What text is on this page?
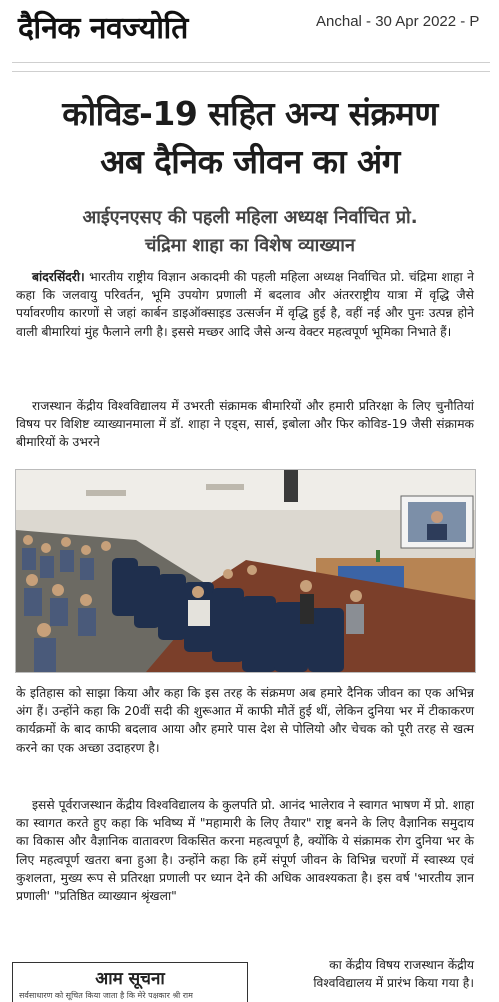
दैनिक नवज्योति	Anchal - 30 Apr 2022 - P
कोविड-19 सहित अन्य संक्रमण
अब दैनिक जीवन का अंग
आईएनएसए की पहली महिला अध्यक्ष निर्वाचित प्रो.
चंद्रिमा शाहा का विशेष व्याख्यान

बांदरसिंदरी। भारतीय राष्ट्रीय विज्ञान अकादमी की पहली महिला अध्यक्ष निर्वाचित प्रो. चंद्रिमा शाहा ने कहा कि जलवायु परिवर्तन, भूमि उपयोग प्रणाली में बदलाव और अंतरराष्ट्रीय यात्रा में वृद्धि जैसे पर्यावरणीय कारणों से जहां कार्बन डाइऑक्साइड उत्सर्जन में वृद्धि हुई है, वहीं नई और पुनः उत्पन्न होने वाली बीमारियां मुंह फैलाने लगी है। इससे मच्छर आदि जैसे अन्य वेक्टर महत्वपूर्ण भूमिका निभाते हैं।

राजस्थान केंद्रीय विश्वविद्यालय में उभरती संक्रामक बीमारियों और हमारी प्रतिरक्षा के लिए चुनौतियां विषय पर विशिष्ट व्याख्यानमाला में डॉ. शाहा ने एड्स, सार्स, इबोला और फिर कोविड-19 जैसी संक्रामक बीमारियों के उभरने

के इतिहास को साझा किया और कहा कि इस तरह के संक्रमण अब हमारे दैनिक जीवन का एक अभिन्न अंग हैं। उन्होंने कहा कि 20वीं सदी की शुरूआत में काफी मौतें हुई थीं, लेकिन दुनिया भर में टीकाकरण कार्यक्रमों के बाद काफी बदलाव आया और हमारे पास देश से पोलियो और चेचक को पूरी तरह से खत्म करने का एक अच्छा उदाहरण है।

इससे पूर्वराजस्थान केंद्रीय विश्वविद्यालय के कुलपति प्रो. आनंद भालेराव ने स्वागत भाषण में प्रो. शाहा का स्वागत करते हुए कहा कि भविष्य में "महामारी के लिए तैयार" राष्ट्र बनने के लिए वैज्ञानिक समुदाय का विकास और वैज्ञानिक वातावरण विकसित करना महत्वपूर्ण है, क्योंकि ये संक्रामक रोग दुनिया भर के लिए महत्वपूर्ण खतरा बना हुआ है। उन्होंने कहा कि हमें संपूर्ण जीवन के विभिन्न चरणों में स्वास्थ्य एवं कुशलता, मुख्य रूप से प्रतिरक्षा प्रणाली पर ध्यान देने की अधिक आवश्यकता है। इस वर्ष 'भारतीय ज्ञान प्रणाली' "प्रतिष्ठित व्याख्यान श्रृंखला"

का केंद्रीय विषय राजस्थान केंद्रीय
विश्वविद्यालय में प्रारंभ किया गया है।
आम सूचना
सर्वसाधारण को सूचित किया जाता है कि मेरे पक्षकार श्री राम
